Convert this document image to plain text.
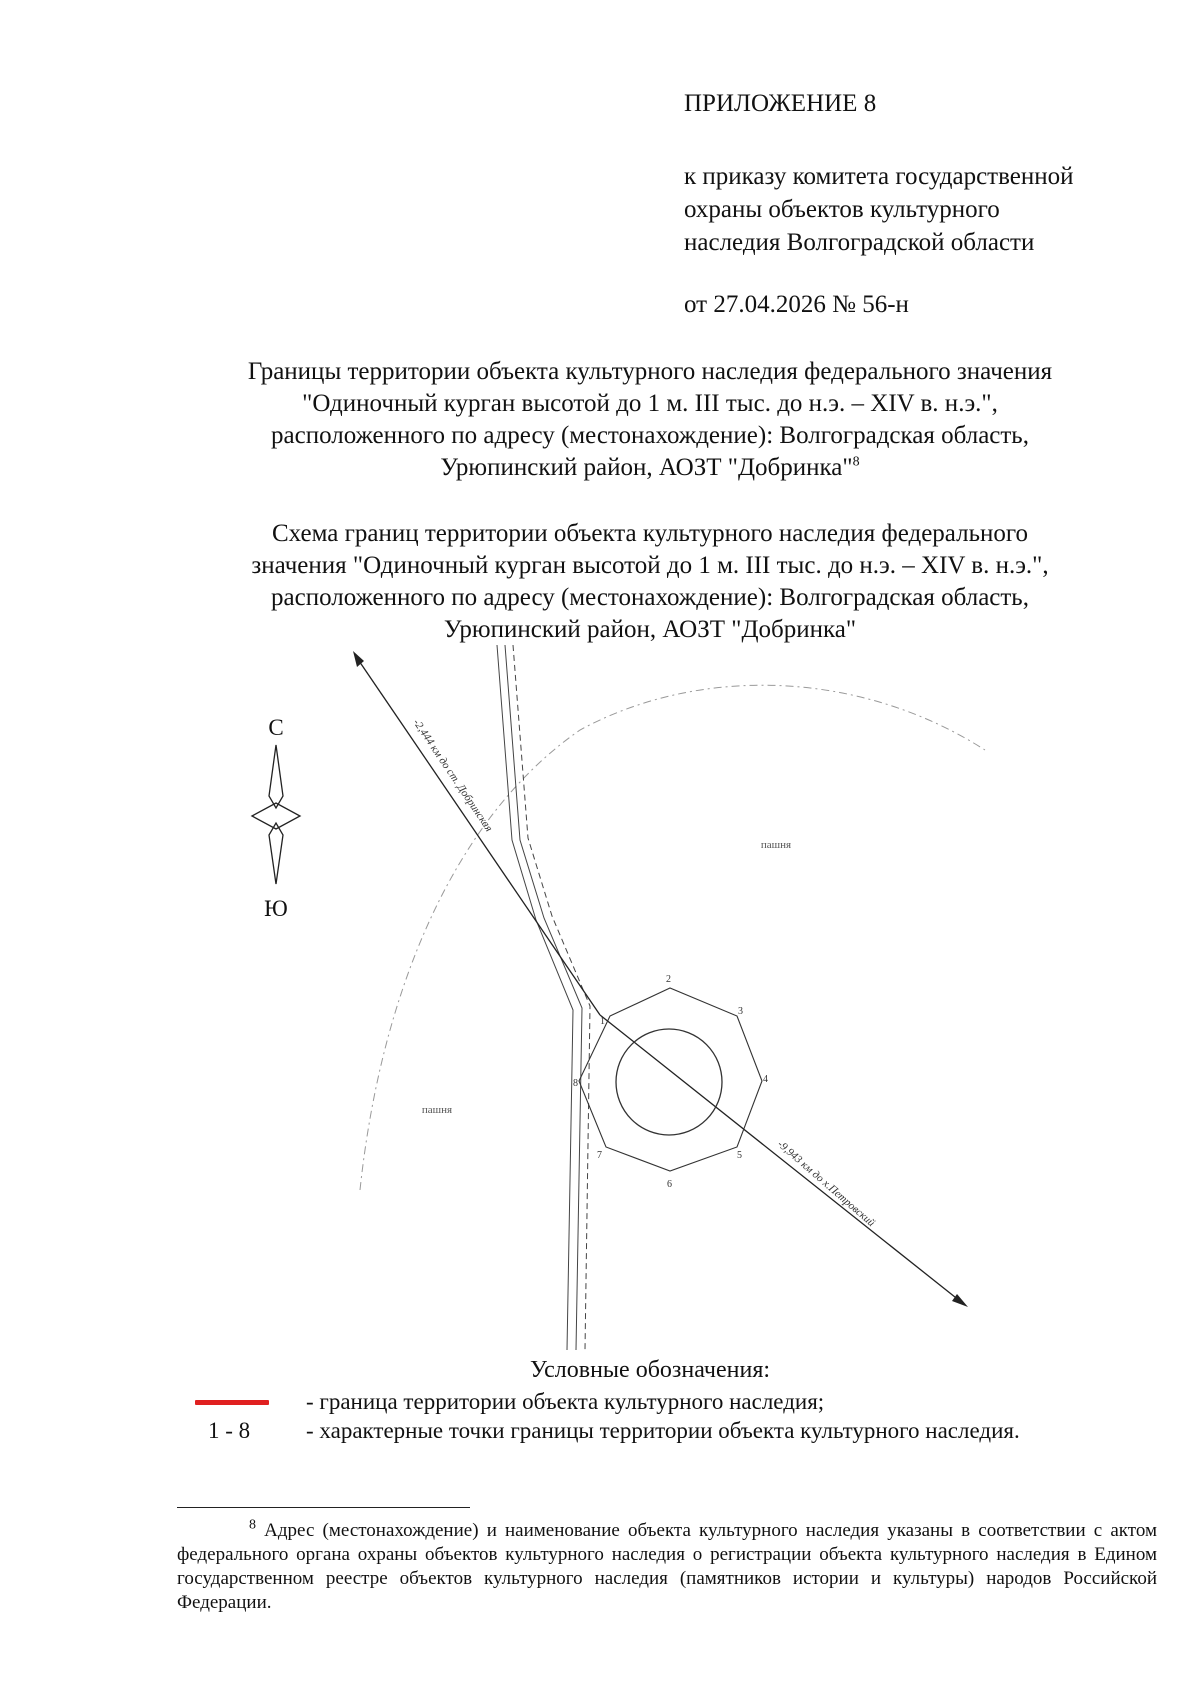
ПРИЛОЖЕНИЕ 8
к приказу комитета государственной
охраны объектов культурного
наследия Волгоградской области
от 27.04.2026 № 56-н
Границы территории объекта культурного наследия федерального значения
"Одиночный курган высотой до 1 м. III тыс. до н.э. – XIV в. н.э.",
расположенного по адресу (местонахождение): Волгоградская область,
Урюпинский район, АОЗТ "Добринка"$^8$
Схема границ территории объекта культурного наследия федерального
значения "Одиночный курган высотой до 1 м. III тыс. до н.э. – XIV в. н.э.",
расположенного по адресу (местонахождение): Волгоградская область,
Урюпинский район, АОЗТ "Добринка"
С
Ю
пашня
пашня
-2,444 км до ст. Добринская
-9,943 км до х.Петровский
1
2
3
4
5
6
7
8
Условные обозначения:
- граница территории объекта культурного наследия;
1 - 8 - характерные точки границы территории объекта культурного наследия.

$^8$ Адрес (местонахождение) и наименование объекта культурного наследия указаны в соответствии с актом федерального органа охраны объектов культурного наследия о регистрации объекта культурного наследия в Едином государственном реестре объектов культурного наследия (памятников истории и культуры) народов Российской Федерации.
